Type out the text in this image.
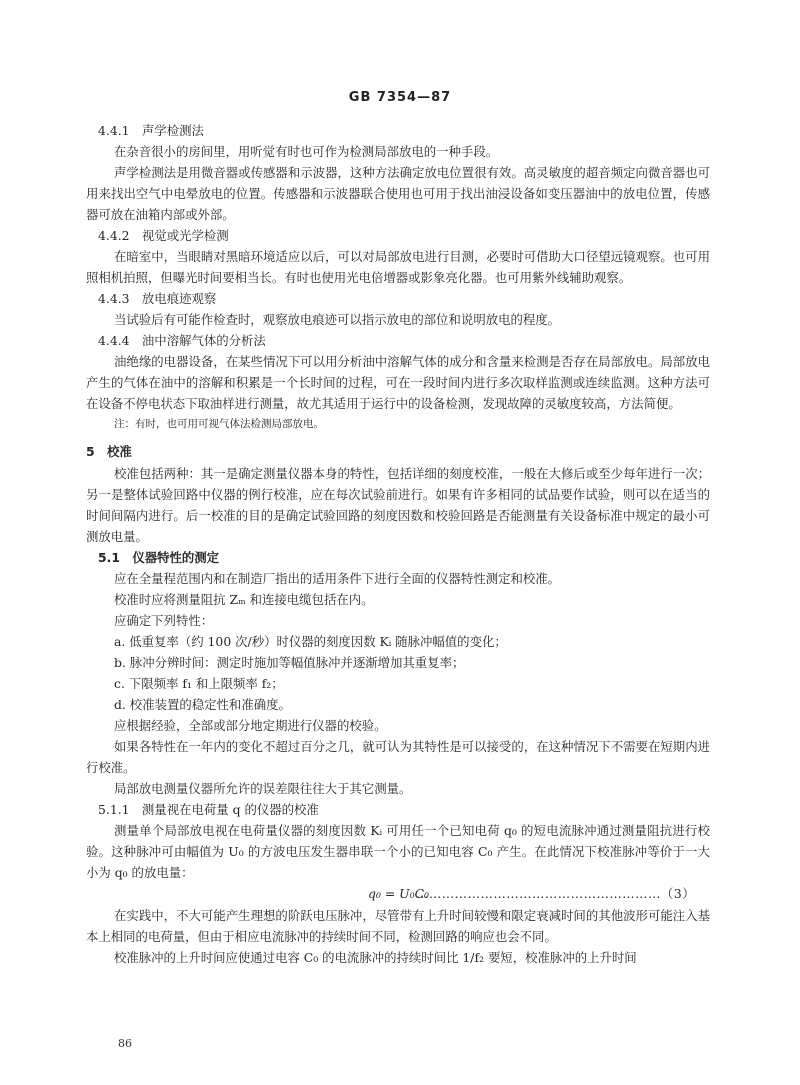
GB 7354—87

4.4.1　声学检测法

在杂音很小的房间里，用听觉有时也可作为检测局部放电的一种手段。

声学检测法是用微音器或传感器和示波器，这种方法确定放电位置很有效。高灵敏度的超音频定向微音器也可用来找出空气中电晕放电的位置。传感器和示波器联合使用也可用于找出油浸设备如变压器油中的放电位置，传感器可放在油箱内部或外部。

4.4.2　视觉或光学检测

在暗室中，当眼睛对黑暗环境适应以后，可以对局部放电进行目测，必要时可借助大口径望远镜观察。也可用照相机拍照，但曝光时间要相当长。有时也使用光电倍增器或影象亮化器。也可用紫外线辅助观察。

4.4.3　放电痕迹观察

当试验后有可能作检查时，观察放电痕迹可以指示放电的部位和说明放电的程度。

4.4.4　油中溶解气体的分析法

油绝缘的电器设备，在某些情况下可以用分析油中溶解气体的成分和含量来检测是否存在局部放电。局部放电产生的气体在油中的溶解和积累是一个长时间的过程，可在一段时间内进行多次取样监测或连续监测。这种方法可在设备不停电状态下取油样进行测量，故尤其适用于运行中的设备检测，发现故障的灵敏度较高，方法简便。

注：有时，也可用可视气体法检测局部放电。

5　校准

校准包括两种：其一是确定测量仪器本身的特性，包括详细的刻度校准，一般在大修后或至少每年进行一次；另一是整体试验回路中仪器的例行校准，应在每次试验前进行。如果有许多相同的试品要作试验，则可以在适当的时间间隔内进行。后一校准的目的是确定试验回路的刻度因数和校验回路是否能测量有关设备标准中规定的最小可测放电量。

5.1　仪器特性的测定

应在全量程范围内和在制造厂指出的适用条件下进行全面的仪器特性测定和校准。

校准时应将测量阻抗 Zₘ 和连接电缆包括在内。

应确定下列特性：

a. 低重复率（约 100 次/秒）时仪器的刻度因数 Kᵢ 随脉冲幅值的变化；

b. 脉冲分辨时间：测定时施加等幅值脉冲并逐渐增加其重复率；

c. 下限频率 f₁ 和上限频率 f₂；

d. 校准装置的稳定性和准确度。

应根据经验，全部或部分地定期进行仪器的校验。

如果各特性在一年内的变化不超过百分之几，就可认为其特性是可以接受的，在这种情况下不需要在短期内进行校准。

局部放电测量仪器所允许的误差限往往大于其它测量。

5.1.1　测量视在电荷量 q 的仪器的校准

测量单个局部放电视在电荷量仪器的刻度因数 Kᵢ 可用任一个已知电荷 q₀ 的短电流脉冲通过测量阻抗进行校验。这种脉冲可由幅值为 U₀ 的方波电压发生器串联一个小的已知电容 C₀ 产生。在此情况下校准脉冲等价于一大小为 q₀ 的放电量：

q₀ = U₀C₀
…………………………………………………（3）

在实践中，不大可能产生理想的阶跃电压脉冲，尽管带有上升时间较慢和限定衰减时间的其他波形可能注入基本上相同的电荷量，但由于相应电流脉冲的持续时间不同，检测回路的响应也会不同。

校准脉冲的上升时间应使通过电容 C₀ 的电流脉冲的持续时间比 1/f₂ 要短，校准脉冲的上升时间

86
